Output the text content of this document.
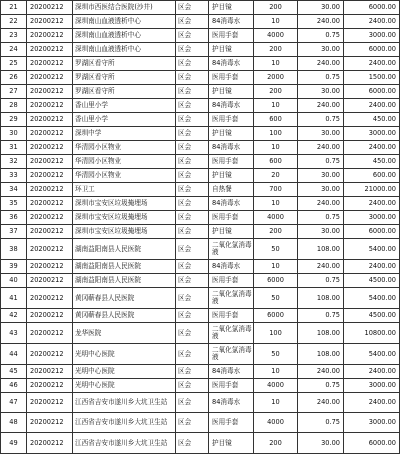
21	20200212	深圳市西医结合医院(沙井)	区会	护目镜	200	30.00	6000.00
22	20200212	深圳南山血液透析中心	区会	84消毒水	10	240.00	2400.00
23	20200212	深圳南山血液透析中心	区会	医用手套	4000	0.75	3000.00
24	20200212	深圳南山血液透析中心	区会	护目镜	200	30.00	6000.00
25	20200212	罗湖区看守所	区会	84消毒水	10	240.00	2400.00
26	20200212	罗湖区看守所	区会	医用手套	2000	0.75	1500.00
27	20200212	罗湖区看守所	区会	护目镜	200	30.00	6000.00
28	20200212	香山里小学	区会	84消毒水	10	240.00	2400.00
29	20200212	香山里小学	区会	医用手套	600	0.75	450.00
30	20200212	深圳中学	区会	护目镜	100	30.00	3000.00
31	20200212	华清园小区物业	区会	84消毒水	10	240.00	2400.00
32	20200212	华清园小区物业	区会	医用手套	600	0.75	450.00
33	20200212	华清园小区物业	区会	护目镜	20	30.00	600.00
34	20200212	环卫工	区会	自热餐	700	30.00	21000.00
35	20200212	深圳市宝安区垃圾掩埋场	区会	84消毒水	10	240.00	2400.00
36	20200212	深圳市宝安区垃圾掩埋场	区会	医用手套	4000	0.75	3000.00
37	20200212	深圳市宝安区垃圾掩埋场	区会	护目镜	200	30.00	6000.00
38	20200212	湖南益阳南县人民医院	区会	二氧化氯消毒液	50	108.00	5400.00
39	20200212	湖南益阳南县人民医院	区会	84消毒水	10	240.00	2400.00
40	20200212	湖南益阳南县人民医院	区会	医用手套	6000	0.75	4500.00
41	20200212	黄冈蕲春县人民医院	区会	二氧化氯消毒液	50	108.00	5400.00
42	20200212	黄冈蕲春县人民医院	区会	医用手套	6000	0.75	4500.00
43	20200212	龙华医院	区会	二氧化氯消毒液	100	108.00	10800.00
44	20200212	光明中心医院	区会	二氧化氯消毒液	50	108.00	5400.00
45	20200212	光明中心医院	区会	84消毒水	10	240.00	2400.00
46	20200212	光明中心医院	区会	医用手套	4000	0.75	3000.00
47	20200212	江西省吉安市遂川乡大坑卫生站	区会	84消毒水	10	240.00	2400.00
48	20200212	江西省吉安市遂川乡大坑卫生站	区会	医用手套	4000	0.75	3000.00
49	20200212	江西省吉安市遂川乡大坑卫生站	区会	护目镜	200	30.00	6000.00
